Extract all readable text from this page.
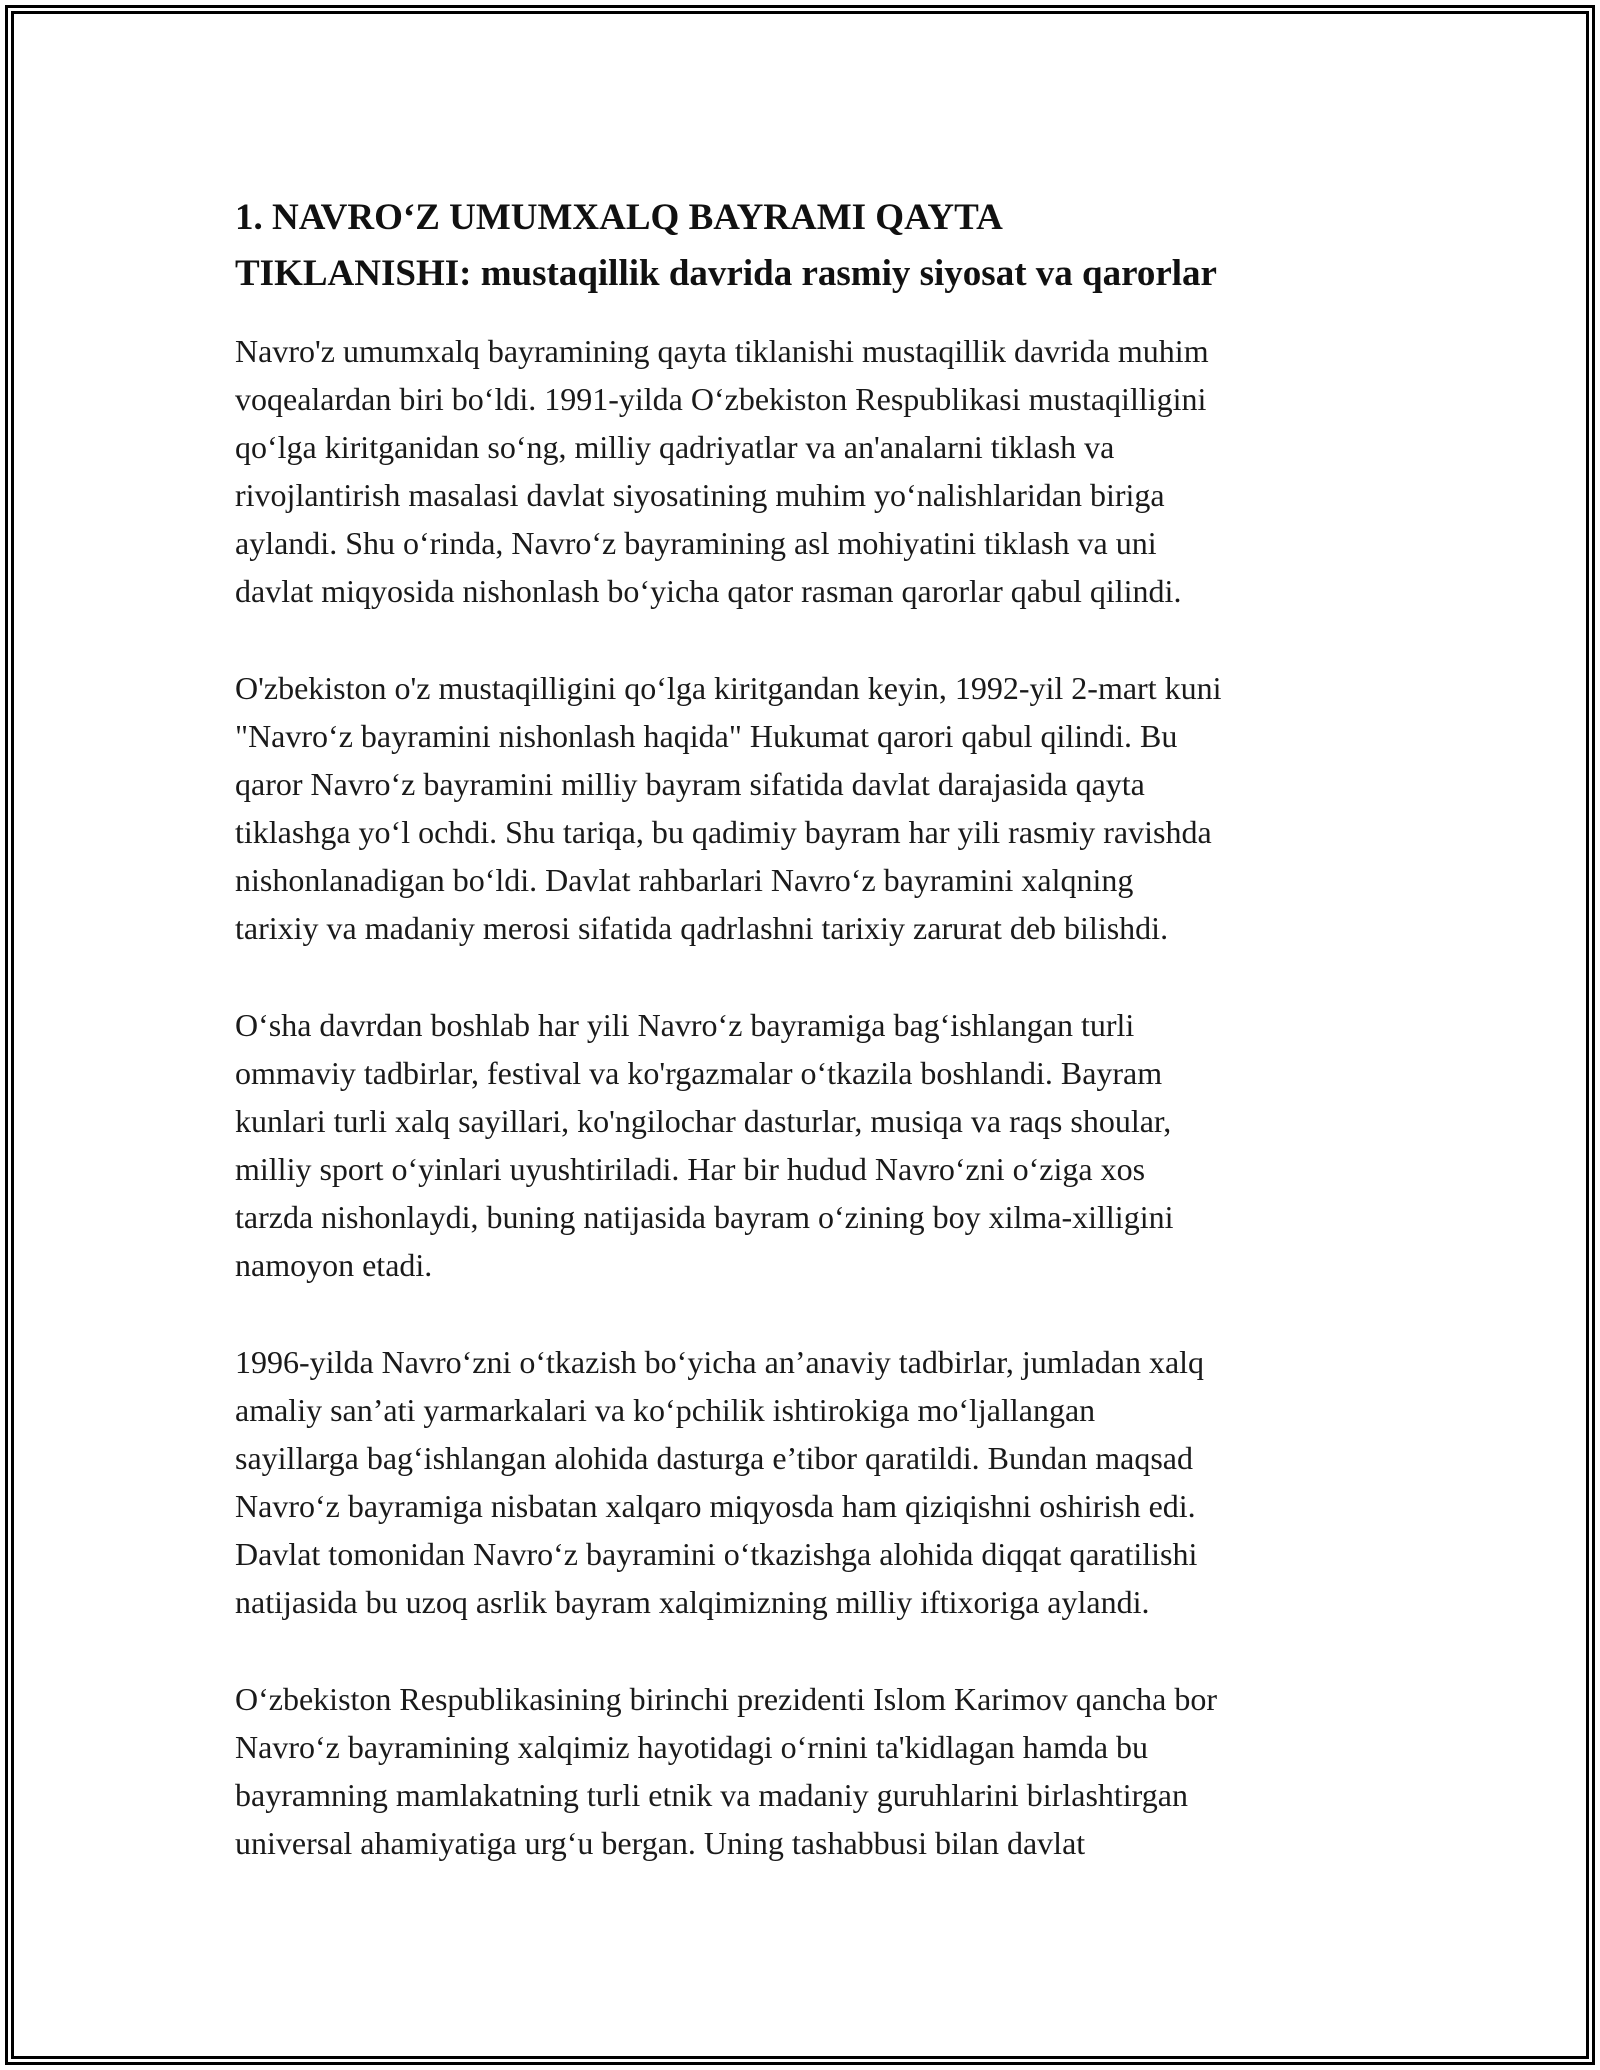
1. NAVRO‘Z UMUMXALQ BAYRAMI QAYTA
TIKLANISHI: mustaqillik davrida rasmiy siyosat va qarorlar

Navro'z umumxalq bayramining qayta tiklanishi mustaqillik davrida muhim
voqealardan biri bo‘ldi. 1991-yilda O‘zbekiston Respublikasi mustaqilligini
qo‘lga kiritganidan so‘ng, milliy qadriyatlar va an'analarni tiklash va
rivojlantirish masalasi davlat siyosatining muhim yo‘nalishlaridan biriga
aylandi. Shu o‘rinda, Navro‘z bayramining asl mohiyatini tiklash va uni
davlat miqyosida nishonlash bo‘yicha qator rasman qarorlar qabul qilindi.

O'zbekiston o'z mustaqilligini qo‘lga kiritgandan keyin, 1992-yil 2-mart kuni
"Navro‘z bayramini nishonlash haqida" Hukumat qarori qabul qilindi. Bu
qaror Navro‘z bayramini milliy bayram sifatida davlat darajasida qayta
tiklashga yo‘l ochdi. Shu tariqa, bu qadimiy bayram har yili rasmiy ravishda
nishonlanadigan bo‘ldi. Davlat rahbarlari Navro‘z bayramini xalqning
tarixiy va madaniy merosi sifatida qadrlashni tarixiy zarurat deb bilishdi.

O‘sha davrdan boshlab har yili Navro‘z bayramiga bag‘ishlangan turli
ommaviy tadbirlar, festival va ko'rgazmalar o‘tkazila boshlandi. Bayram
kunlari turli xalq sayillari, ko'ngilochar dasturlar, musiqa va raqs shoular,
milliy sport o‘yinlari uyushtiriladi. Har bir hudud Navro‘zni o‘ziga xos
tarzda nishonlaydi, buning natijasida bayram o‘zining boy xilma-xilligini
namoyon etadi.

1996-yilda Navro‘zni o‘tkazish bo‘yicha an’anaviy tadbirlar, jumladan xalq
amaliy san’ati yarmarkalari va ko‘pchilik ishtirokiga mo‘ljallangan
sayillarga bag‘ishlangan alohida dasturga e’tibor qaratildi. Bundan maqsad
Navro‘z bayramiga nisbatan xalqaro miqyosda ham qiziqishni oshirish edi.
Davlat tomonidan Navro‘z bayramini o‘tkazishga alohida diqqat qaratilishi
natijasida bu uzoq asrlik bayram xalqimizning milliy iftixoriga aylandi.

O‘zbekiston Respublikasining birinchi prezidenti Islom Karimov qancha bor
Navro‘z bayramining xalqimiz hayotidagi o‘rnini ta'kidlagan hamda bu
bayramning mamlakatning turli etnik va madaniy guruhlarini birlashtirgan
universal ahamiyatiga urg‘u bergan. Uning tashabbusi bilan davlat
